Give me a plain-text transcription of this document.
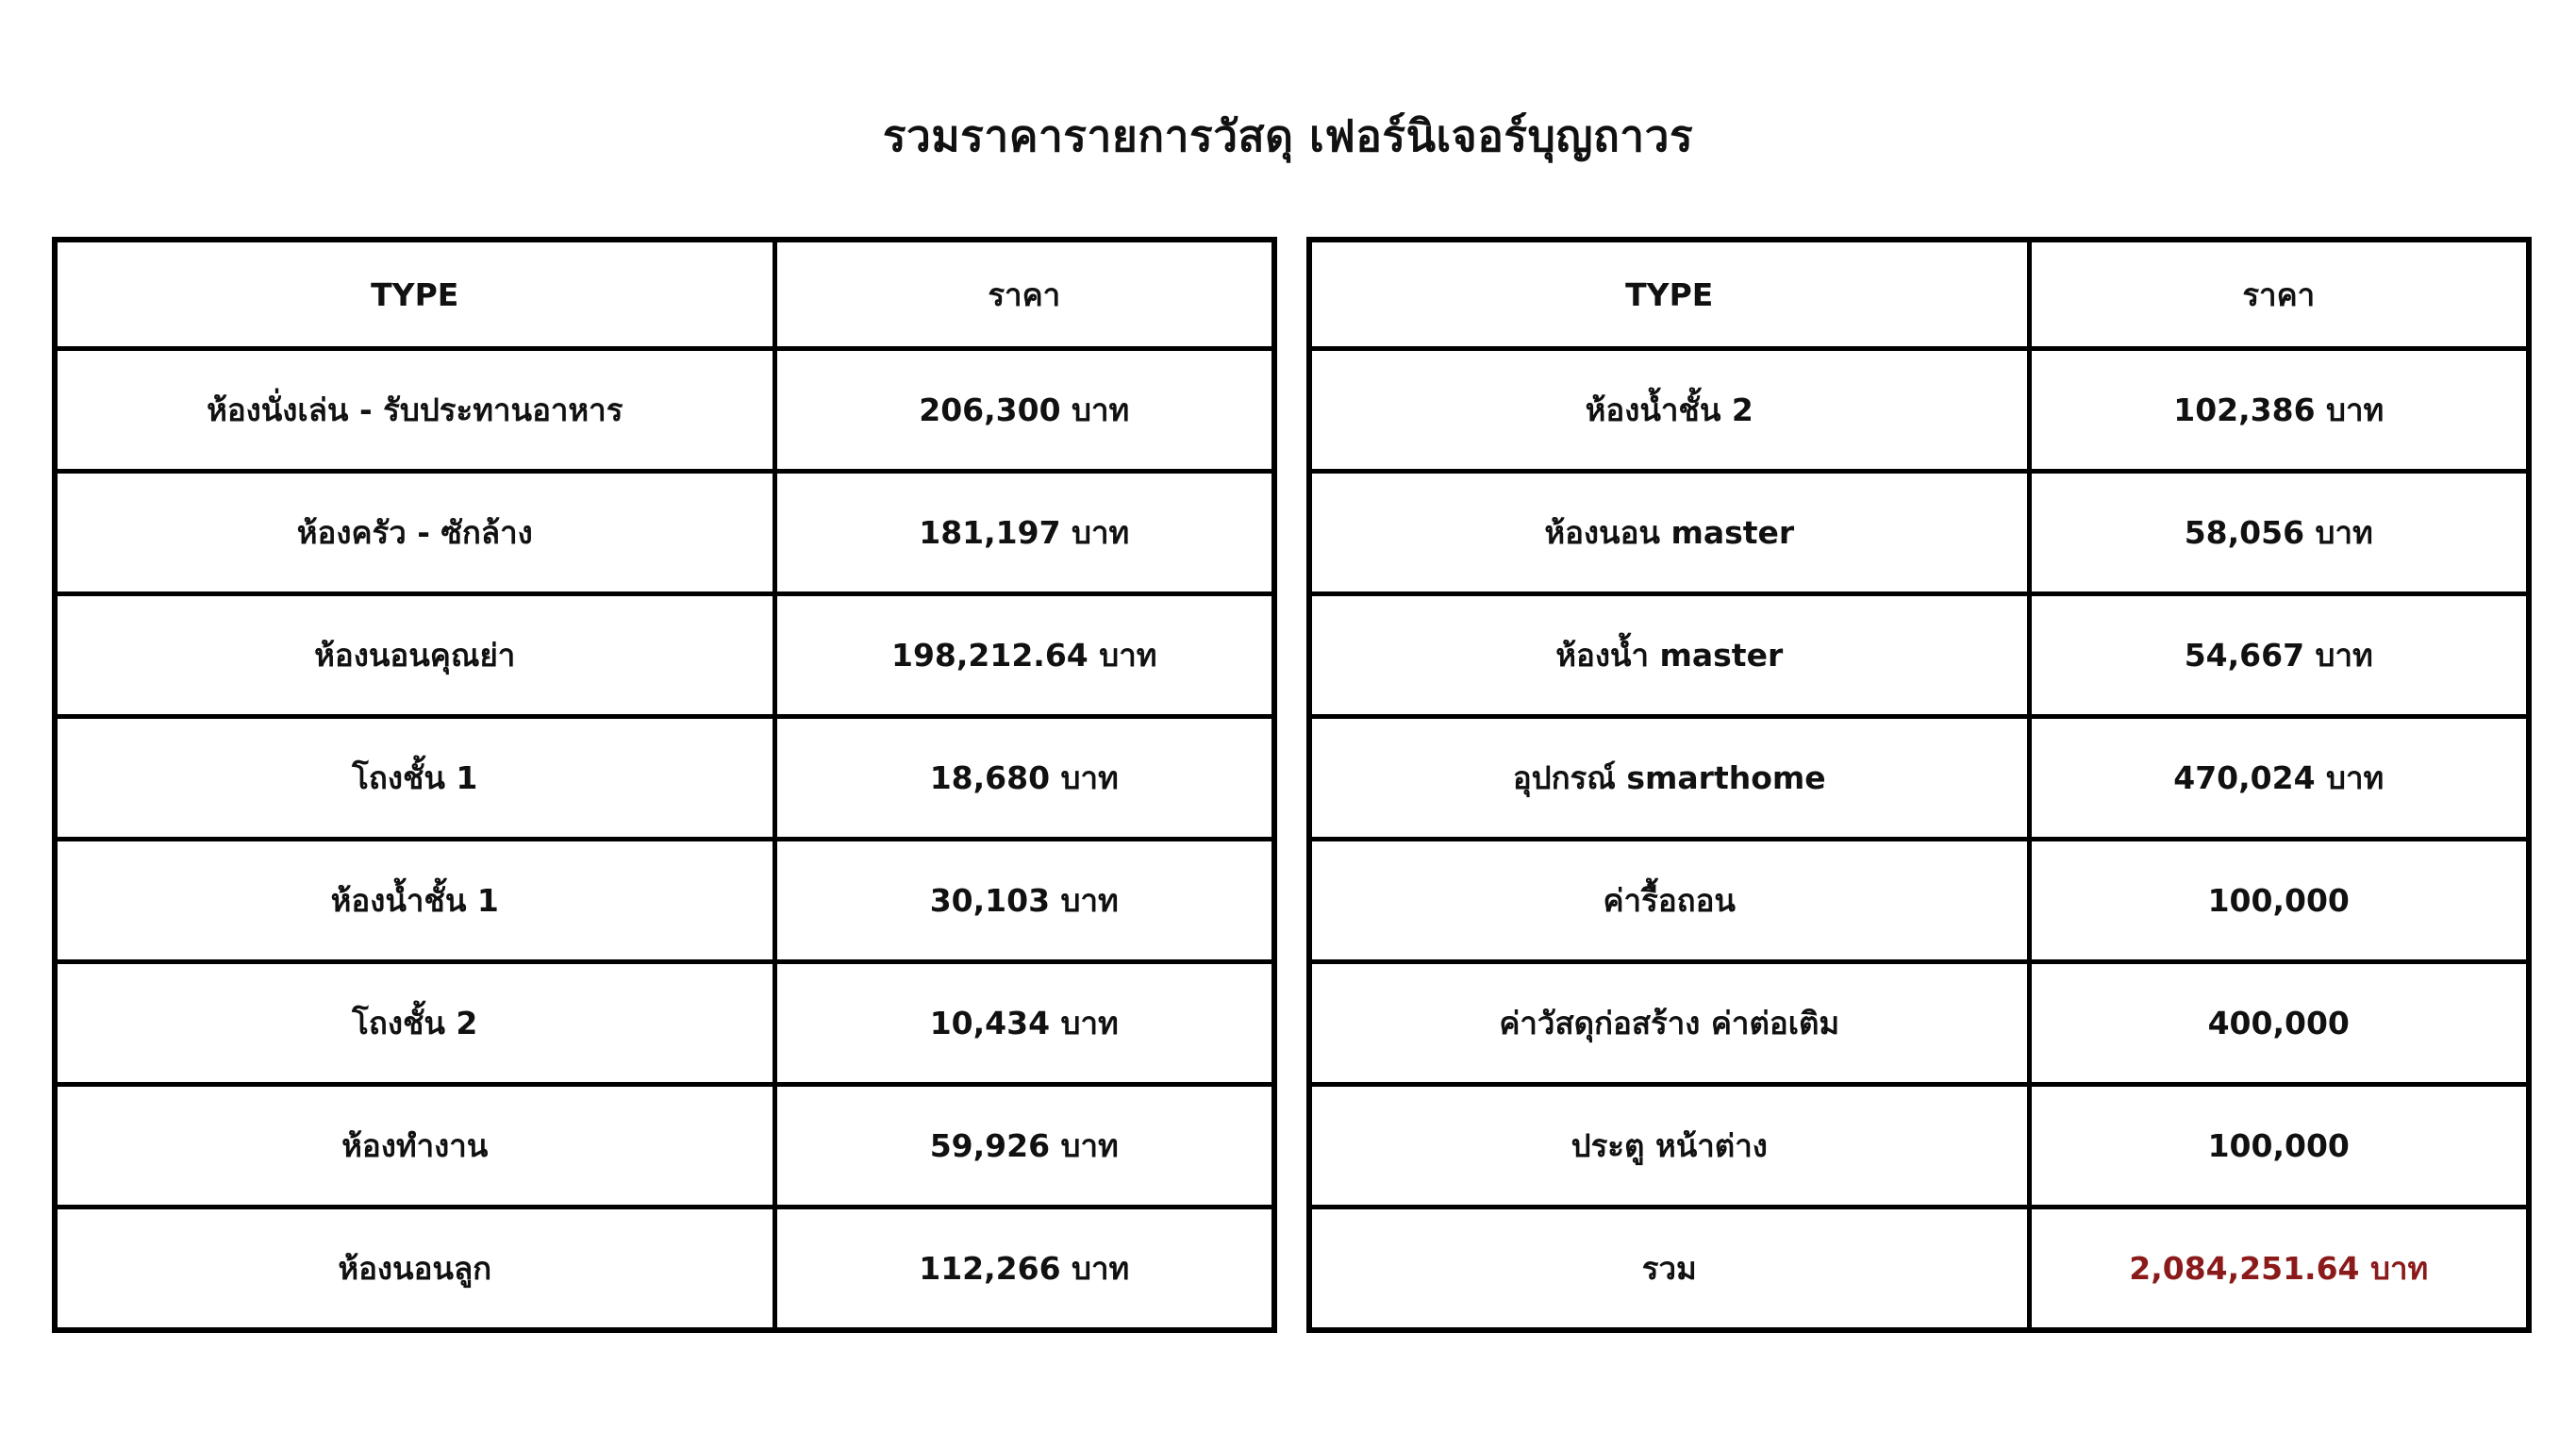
รวมราคารายการวัสดุ เฟอร์นิเจอร์บุญถาวร
TYPE	ราคา
ห้องนั่งเล่น - รับประทานอาหาร	206,300 บาท
ห้องครัว - ซักล้าง	181,197 บาท
ห้องนอนคุณย่า	198,212.64 บาท
โถงชั้น 1	18,680 บาท
ห้องน้ำชั้น 1	30,103 บาท
โถงชั้น 2	10,434 บาท
ห้องทำงาน	59,926 บาท
ห้องนอนลูก	112,266 บาท
TYPE	ราคา
ห้องน้ำชั้น 2	102,386 บาท
ห้องนอน master	58,056 บาท
ห้องน้ำ master	54,667 บาท
อุปกรณ์ smarthome	470,024 บาท
ค่ารื้อถอน	100,000
ค่าวัสดุก่อสร้าง ค่าต่อเติม	400,000
ประตู หน้าต่าง	100,000
รวม	2,084,251.64 บาท
